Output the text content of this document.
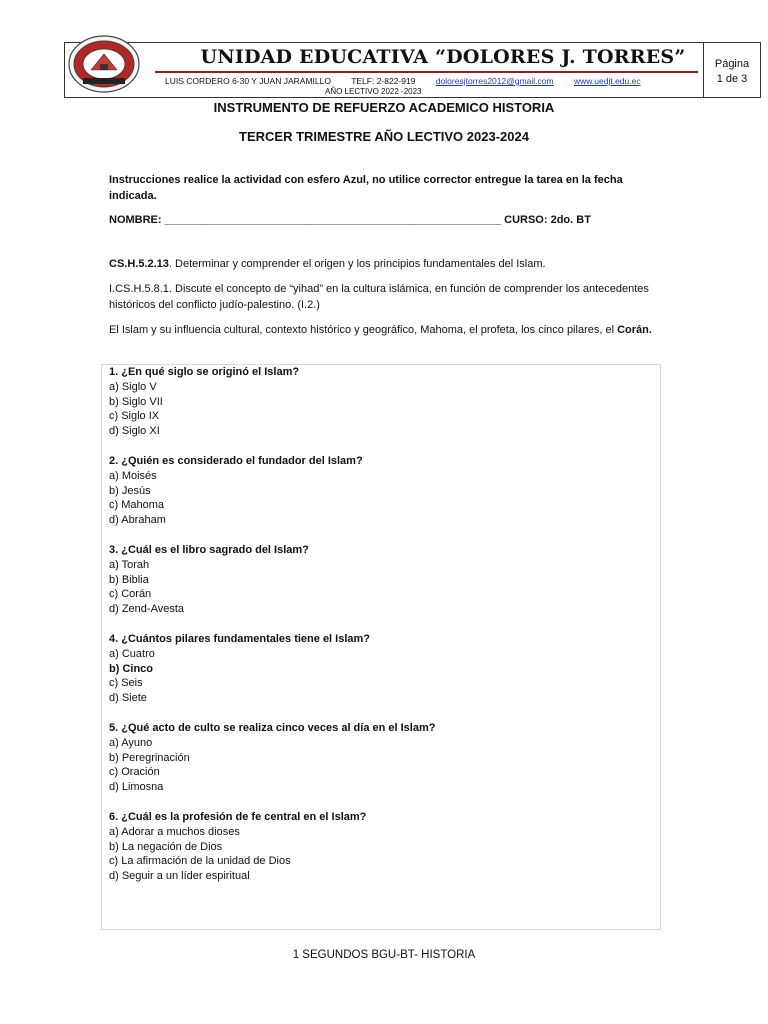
UNIDAD EDUCATIVA “DOLORES J. TORRES”
LUIS CORDERO 6-30 Y JUAN JARAMILLO TELF: 2-822-919 doloresjtorres2012@gmail.com www.uedjt.edu.ec
AÑO LECTIVO 2022 -2023
Página
1 de 3
INSTRUMENTO DE REFUERZO ACADEMICO HISTORIA
TERCER TRIMESTRE AÑO LECTIVO 2023-2024
Instrucciones realice la actividad con esfero Azul, no utilice corrector entregue la tarea en la fecha indicada.
NOMBRE: _______________________________________________________ CURSO: 2do. BT
CS.H.5.2.13. Determinar y comprender el origen y los principios fundamentales del Islam.
I.CS.H.5.8.1. Discute el concepto de “yihad” en la cultura islámica, en función de comprender los antecedentes históricos del conflicto judío-palestino. (I.2.)
El Islam y su influencia cultural, contexto histórico y geográfico, Mahoma, el profeta, los cinco pilares, el Corán.
1. ¿En qué siglo se originó el Islam?
a) Siglo V
b) Siglo VII
c) Siglo IX
d) Siglo XI
2. ¿Quién es considerado el fundador del Islam?
a) Moisés
b) Jesús
c) Mahoma
d) Abraham
3. ¿Cuál es el libro sagrado del Islam?
a) Torah
b) Biblia
c) Corán
d) Zend-Avesta
4. ¿Cuántos pilares fundamentales tiene el Islam?
a) Cuatro
b) Cinco
c) Seis
d) Siete
5. ¿Qué acto de culto se realiza cinco veces al día en el Islam?
a) Ayuno
b) Peregrinación
c) Oración
d) Limosna
6. ¿Cuál es la profesión de fe central en el Islam?
a) Adorar a muchos dioses
b) La negación de Dios
c) La afirmación de la unidad de Dios
d) Seguir a un líder espiritual
1 SEGUNDOS BGU-BT- HISTORIA
